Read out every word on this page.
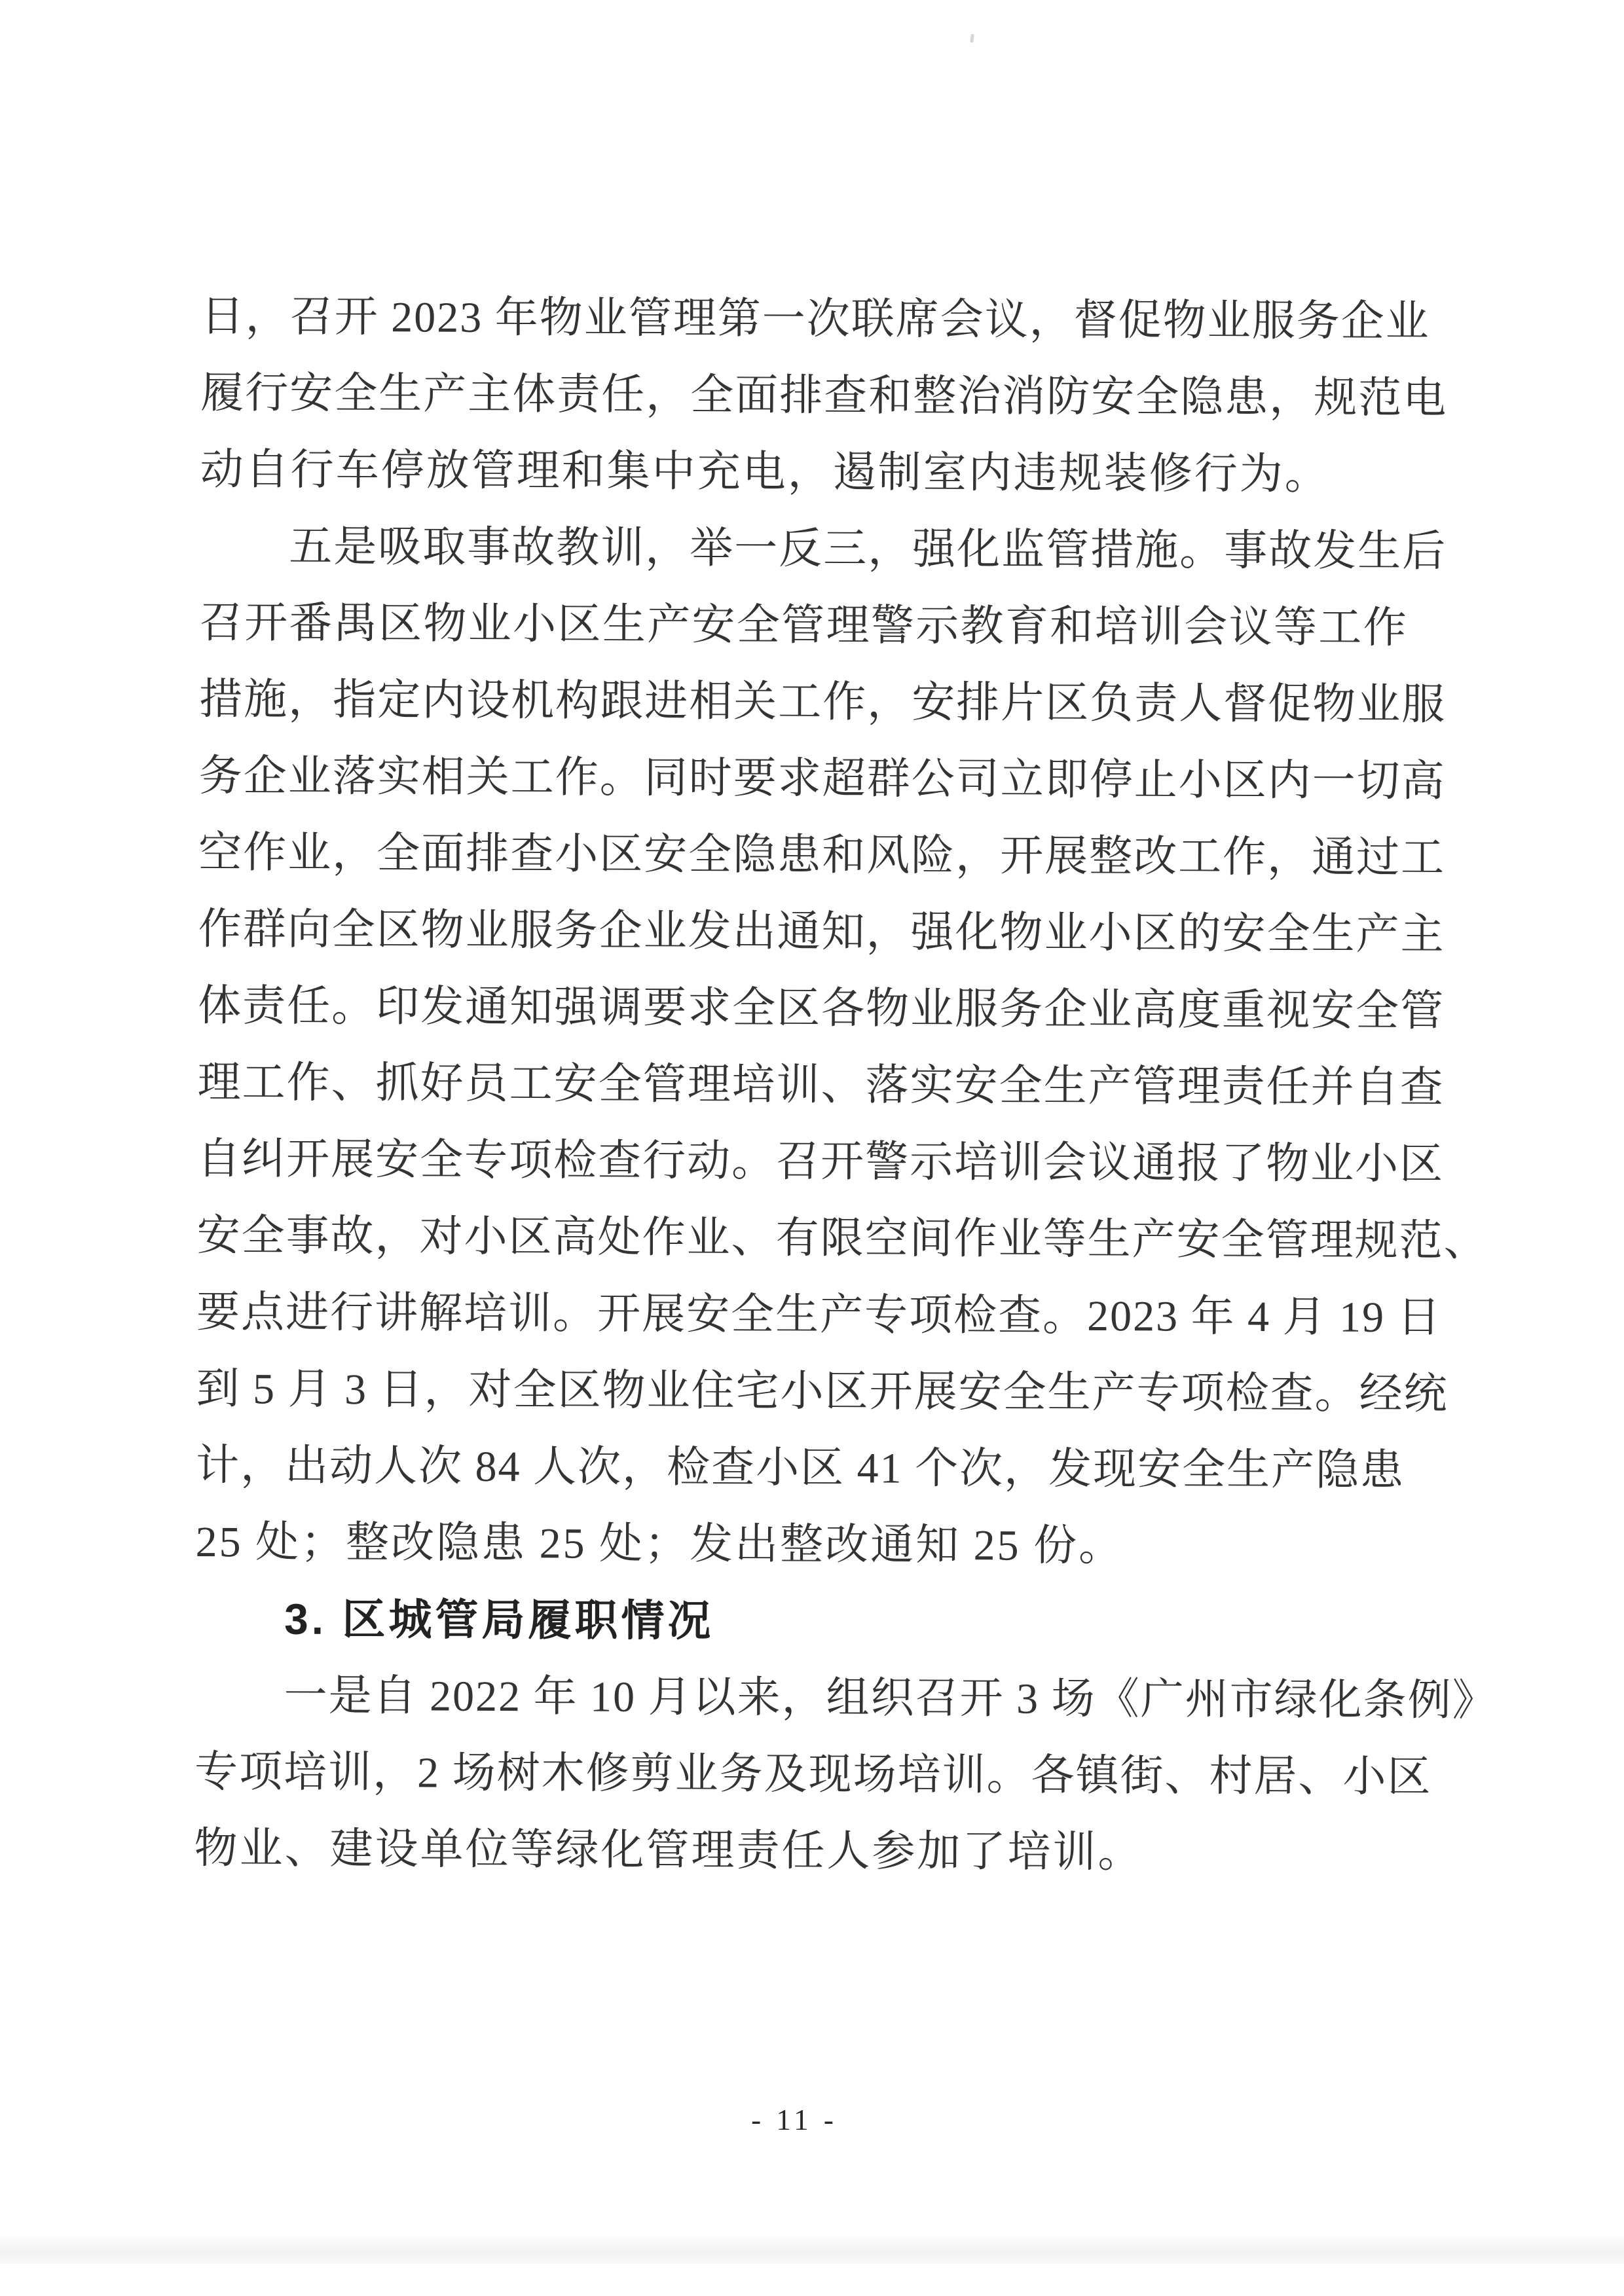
日，召开 2023 年物业管理第一次联席会议，督促物业服务企业
履行安全生产主体责任，全面排查和整治消防安全隐患，规范电
动自行车停放管理和集中充电，遏制室内违规装修行为。
五是吸取事故教训，举一反三，强化监管措施。事故发生后
召开番禺区物业小区生产安全管理警示教育和培训会议等工作
措施，指定内设机构跟进相关工作，安排片区负责人督促物业服
务企业落实相关工作。同时要求超群公司立即停止小区内一切高
空作业，全面排查小区安全隐患和风险，开展整改工作，通过工
作群向全区物业服务企业发出通知，强化物业小区的安全生产主
体责任。印发通知强调要求全区各物业服务企业高度重视安全管
理工作、抓好员工安全管理培训、落实安全生产管理责任并自查
自纠开展安全专项检查行动。召开警示培训会议通报了物业小区
安全事故，对小区高处作业、有限空间作业等生产安全管理规范、
要点进行讲解培训。开展安全生产专项检查。2023 年 4 月 19 日
到 5 月 3 日，对全区物业住宅小区开展安全生产专项检查。经统
计，出动人次 84 人次，检查小区 41 个次，发现安全生产隐患
25 处；整改隐患 25 处；发出整改通知 25 份。
3. 区城管局履职情况
一是自 2022 年 10 月以来，组织召开 3 场《广州市绿化条例》
专项培训，2 场树木修剪业务及现场培训。各镇街、村居、小区
物业、建设单位等绿化管理责任人参加了培训。
- 11 -
